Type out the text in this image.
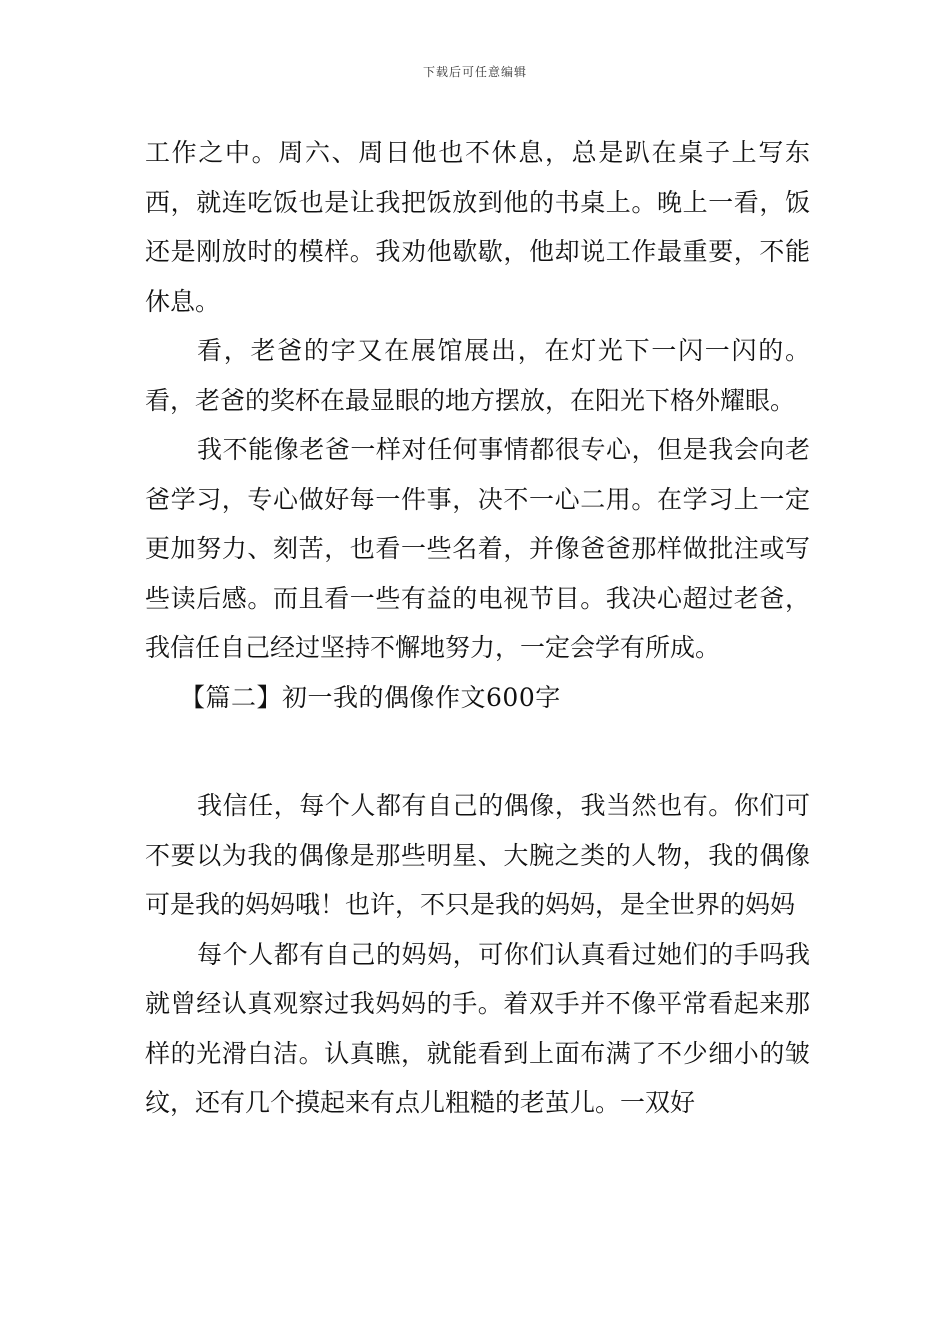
下载后可任意编辑

工作之中。周六、周日他也不休息，总是趴在桌子上写东西，就连吃饭也是让我把饭放到他的书桌上。晚上一看，饭还是刚放时的模样。我劝他歇歇，他却说工作最重要，不能休息。

看，老爸的字又在展馆展出，在灯光下一闪一闪的。看，老爸的奖杯在最显眼的地方摆放，在阳光下格外耀眼。

我不能像老爸一样对任何事情都很专心，但是我会向老爸学习，专心做好每一件事，决不一心二用。在学习上一定更加努力、刻苦，也看一些名着，并像爸爸那样做批注或写些读后感。而且看一些有益的电视节目。我决心超过老爸，我信任自己经过坚持不懈地努力，一定会学有所成。

【篇二】初一我的偶像作文600字

我信任，每个人都有自己的偶像，我当然也有。你们可不要以为我的偶像是那些明星、大腕之类的人物，我的偶像可是我的妈妈哦！也许，不只是我的妈妈，是全世界的妈妈

每个人都有自己的妈妈，可你们认真看过她们的手吗我就曾经认真观察过我妈妈的手。着双手并不像平常看起来那样的光滑白洁。认真瞧，就能看到上面布满了不少细小的皱纹，还有几个摸起来有点儿粗糙的老茧儿。一双好
